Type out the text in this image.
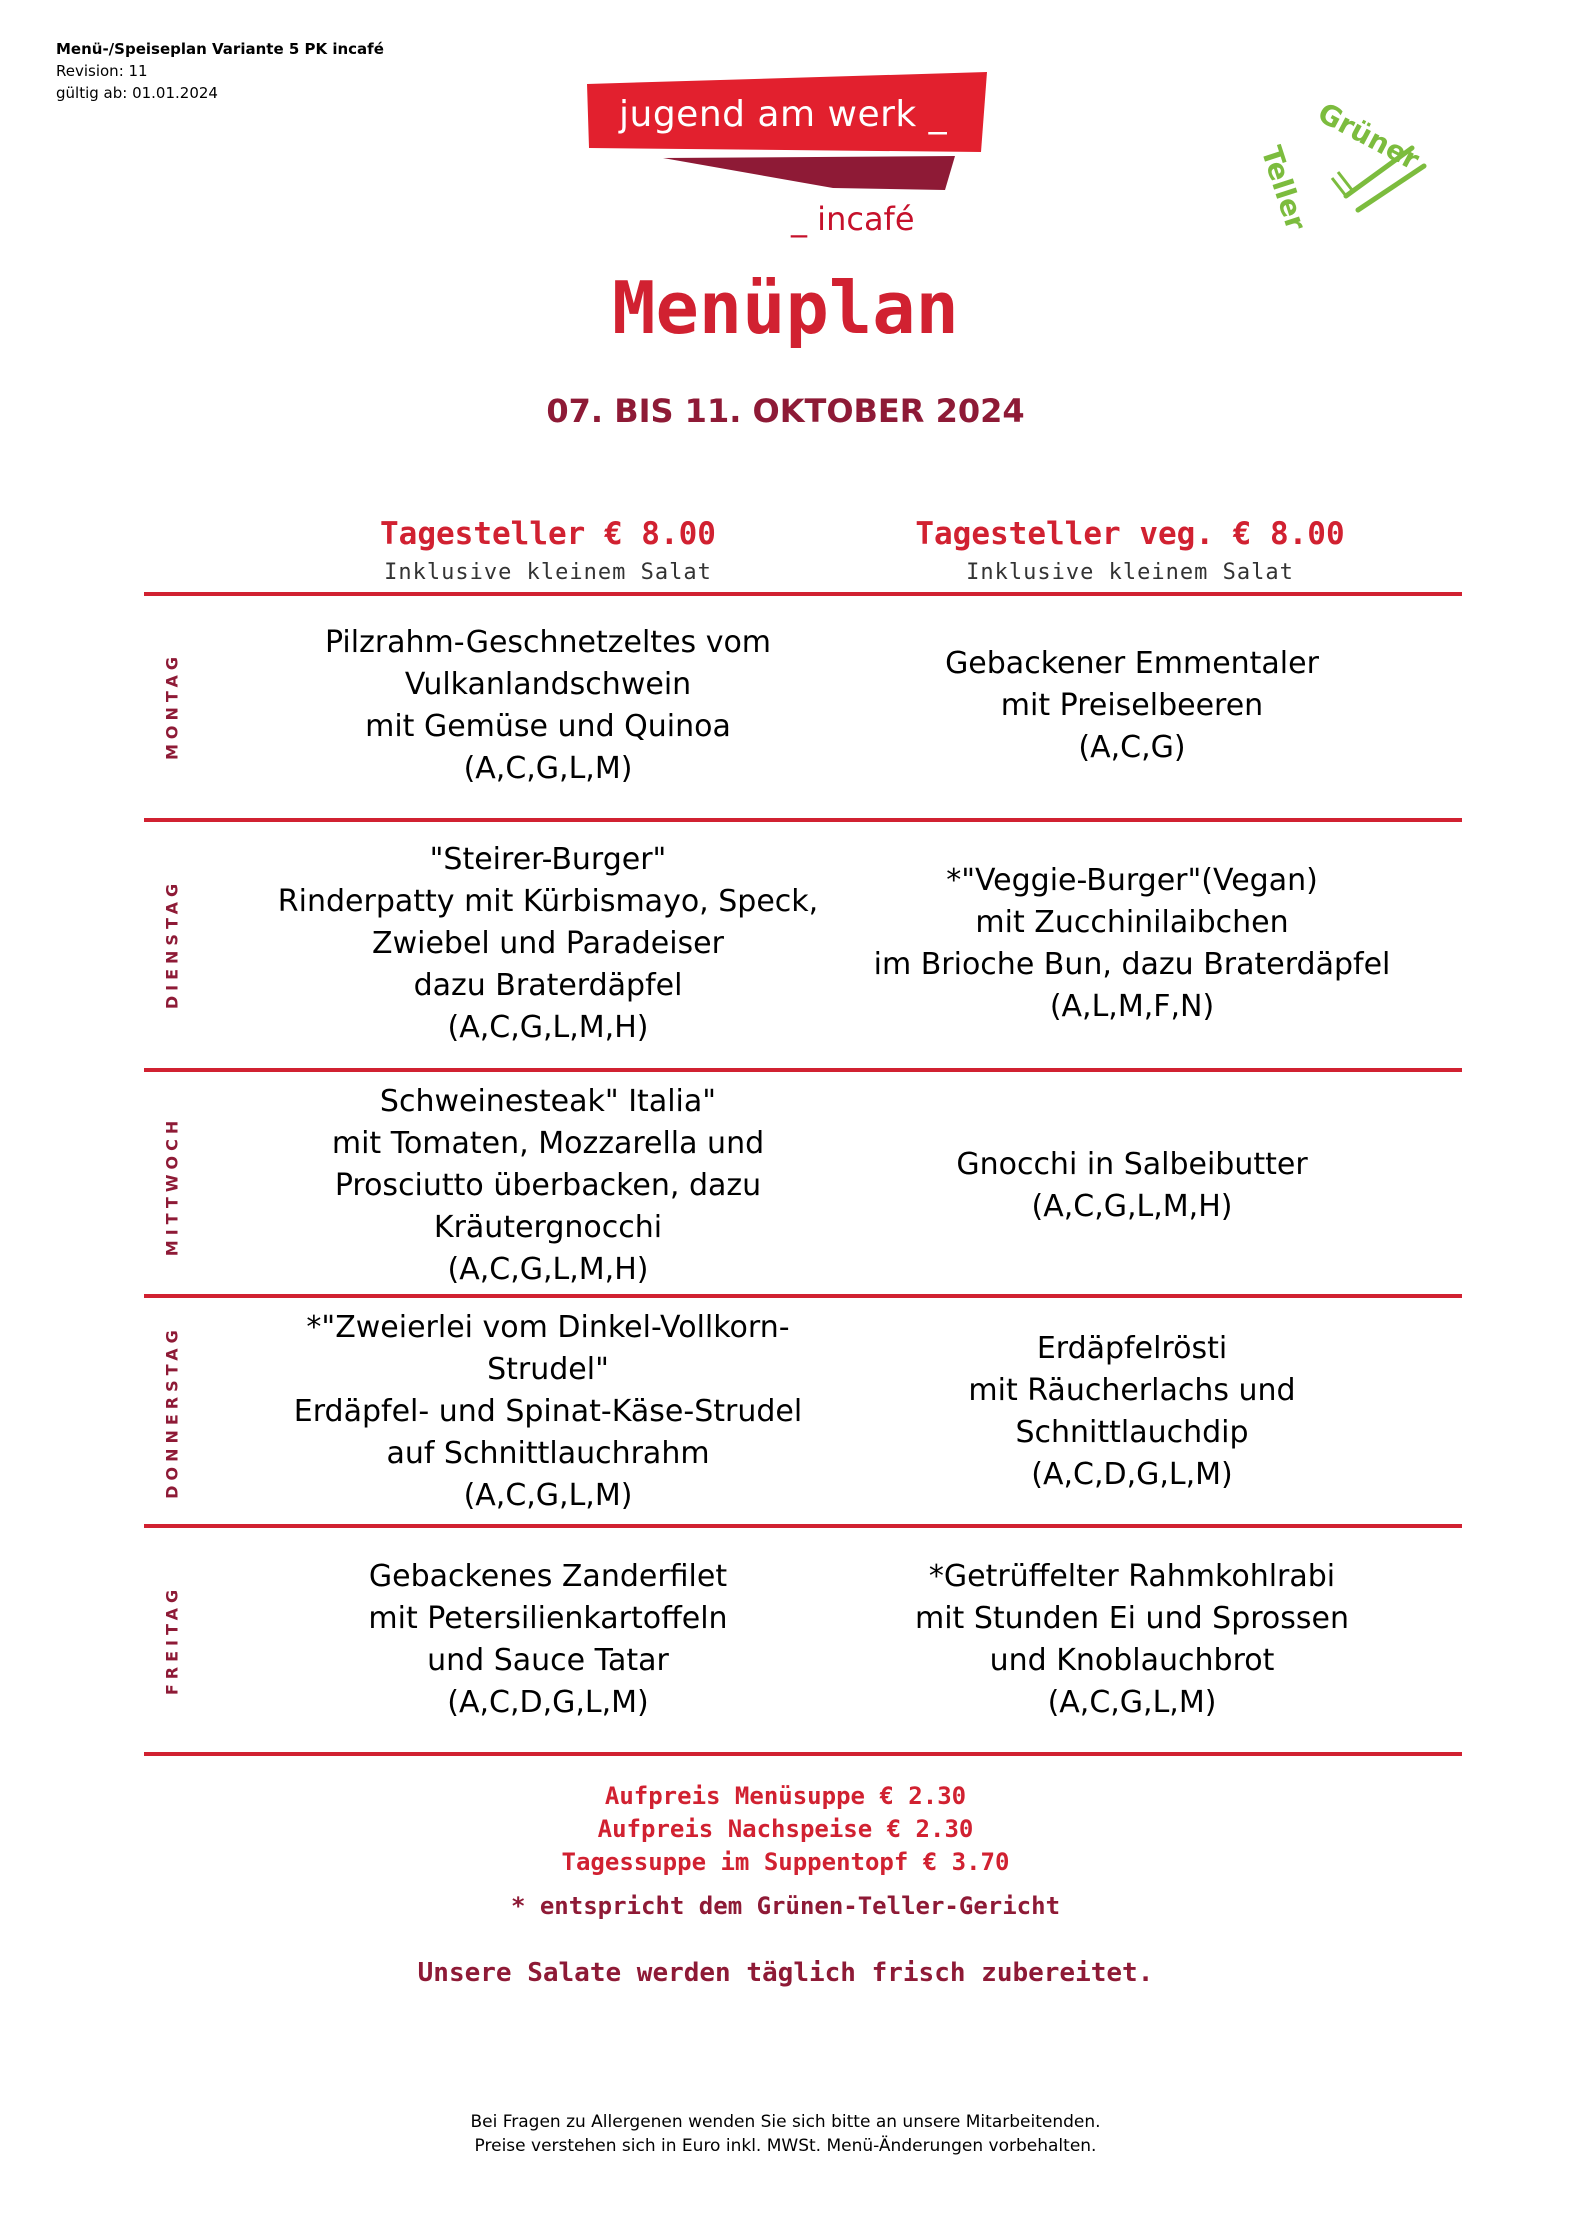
Menü-/Speiseplan Variante 5 PK incafé
Revision: 11
gültig ab: 01.01.2024
jugend am werk _
_ incafé
Grüner
Teller
Menüplan
07. BIS 11. OKTOBER 2024
Tagesteller € 8.00
Inklusive kleinem Salat
Tagesteller veg. € 8.00
Inklusive kleinem Salat
MONTAG
Pilzrahm-Geschnetzeltes vom
Vulkanlandschwein
mit Gemüse und Quinoa
(A,C,G,L,M)
Gebackener Emmentaler
mit Preiselbeeren
(A,C,G)
DIENSTAG
"Steirer-Burger"
Rinderpatty mit Kürbismayo, Speck,
Zwiebel und Paradeiser
dazu Braterdäpfel
(A,C,G,L,M,H)
*"Veggie-Burger"(Vegan)
mit Zucchinilaibchen
im Brioche Bun, dazu Braterdäpfel
(A,L,M,F,N)
MITTWOCH
Schweinesteak" Italia"
mit Tomaten, Mozzarella und
Prosciutto überbacken, dazu
Kräutergnocchi
(A,C,G,L,M,H)
Gnocchi in Salbeibutter
(A,C,G,L,M,H)
DONNERSTAG	*"Zweierlei vom Dinkel-Vollkorn-
Strudel"
Erdäpfel- und Spinat-Käse-Strudel
auf Schnittlauchrahm
(A,C,G,L,M)
Erdäpfelrösti
mit Räucherlachs und
Schnittlauchdip
(A,C,D,G,L,M)
FREITAG
Gebackenes Zanderfilet
mit Petersilienkartoffeln
und Sauce Tatar
(A,C,D,G,L,M)
*Getrüffelter Rahmkohlrabi
mit Stunden Ei und Sprossen
und Knoblauchbrot
(A,C,G,L,M)
Aufpreis Menüsuppe € 2.30
Aufpreis Nachspeise € 2.30
Tagessuppe im Suppentopf € 3.70
* entspricht dem Grünen-Teller-Gericht
Unsere Salate werden täglich frisch zubereitet.
Bei Fragen zu Allergenen wenden Sie sich bitte an unsere Mitarbeitenden.
Preise verstehen sich in Euro inkl. MWSt. Menü-Änderungen vorbehalten.
